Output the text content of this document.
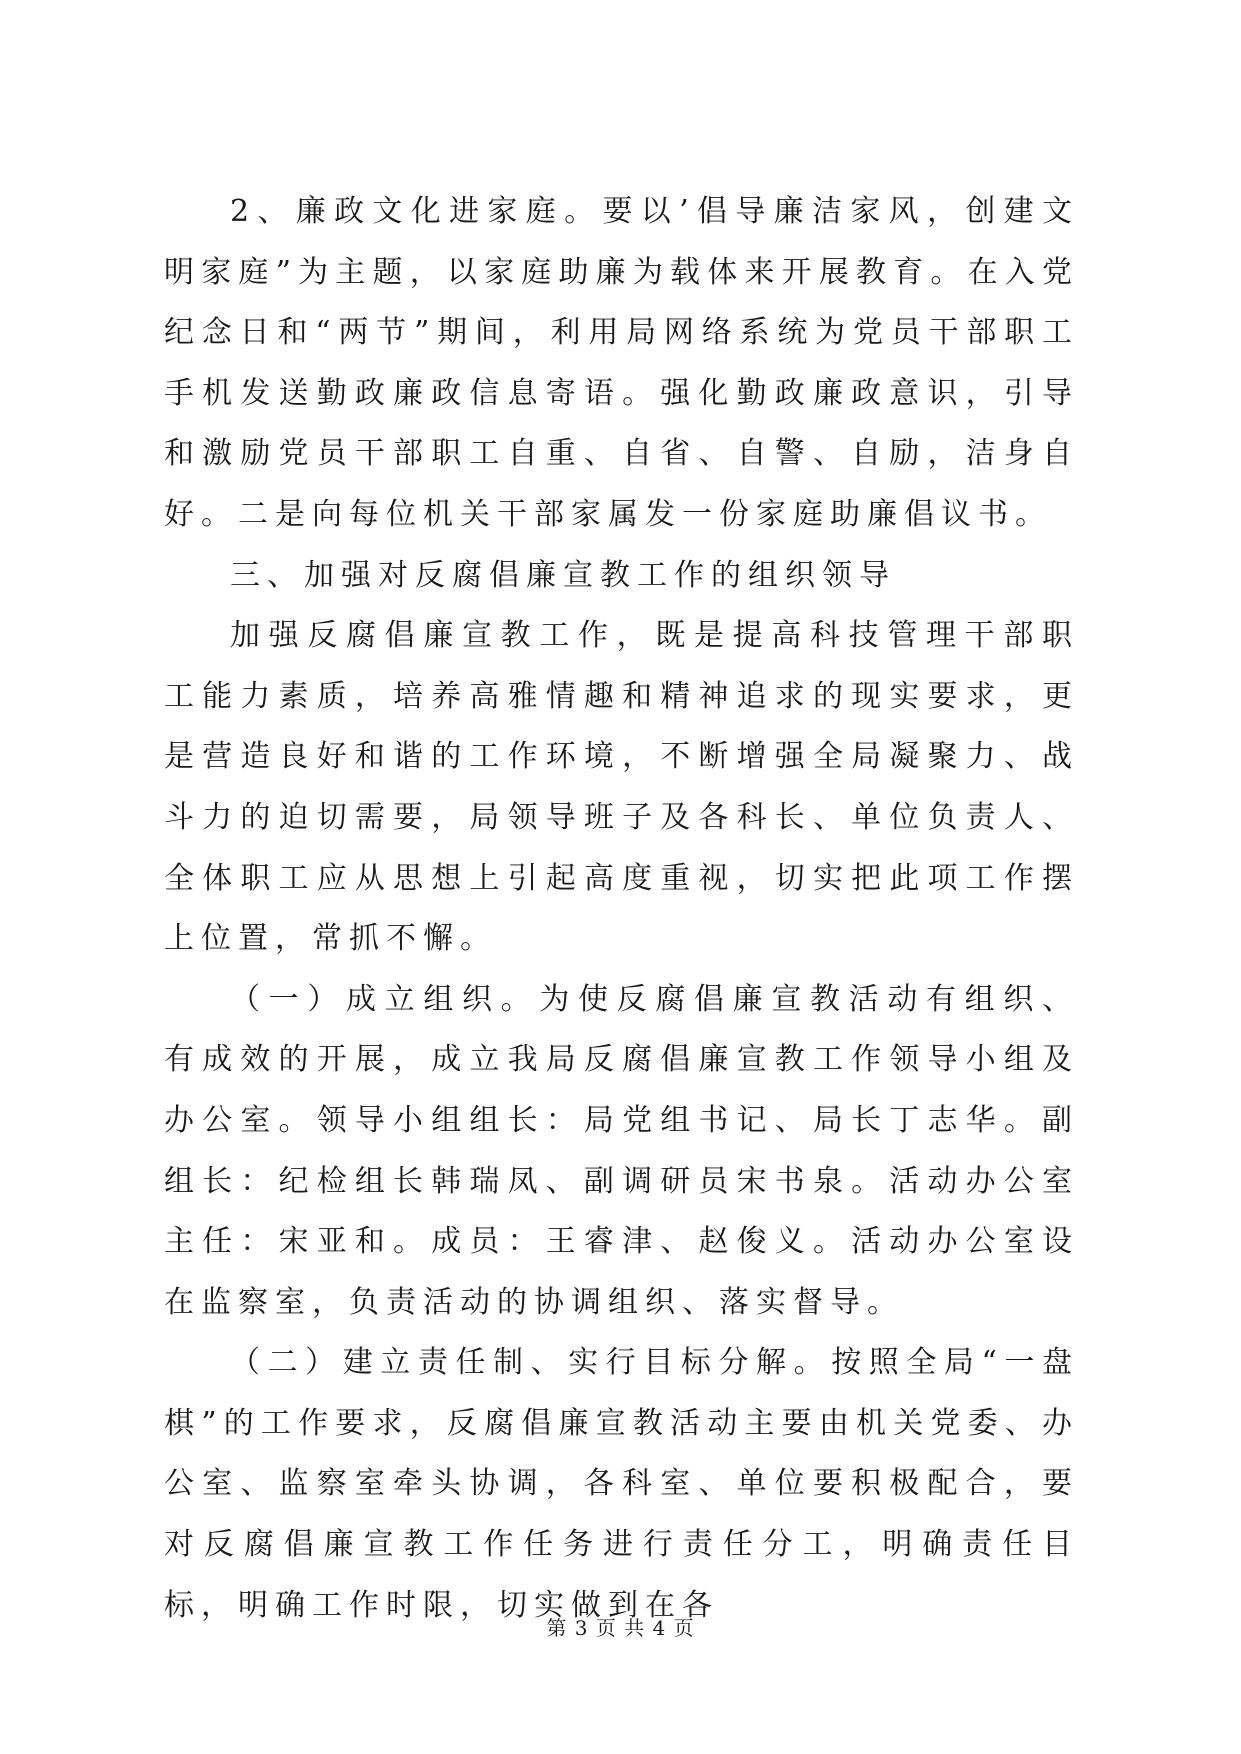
2、廉政文化进家庭。要以’倡导廉洁家风，创建文明家庭”为主题，以家庭助廉为载体来开展教育。在入党纪念日和“两节”期间，利用局网络系统为党员干部职工手机发送勤政廉政信息寄语。强化勤政廉政意识，引导和激励党员干部职工自重、自省、自警、自励，洁身自好。二是向每位机关干部家属发一份家庭助廉倡议书。

三、加强对反腐倡廉宣教工作的组织领导

加强反腐倡廉宣教工作，既是提高科技管理干部职工能力素质，培养高雅情趣和精神追求的现实要求，更是营造良好和谐的工作环境，不断增强全局凝聚力、战斗力的迫切需要，局领导班子及各科长、单位负责人、全体职工应从思想上引起高度重视，切实把此项工作摆上位置，常抓不懈。

（一）成立组织。为使反腐倡廉宣教活动有组织、有成效的开展，成立我局反腐倡廉宣教工作领导小组及办公室。领导小组组长：局党组书记、局长丁志华。副组长：纪检组长韩瑞凤、副调研员宋书泉。活动办公室主任：宋亚和。成员：王睿津、赵俊义。活动办公室设在监察室，负责活动的协调组织、落实督导。

（二）建立责任制、实行目标分解。按照全局“一盘棋”的工作要求，反腐倡廉宣教活动主要由机关党委、办公室、监察室牵头协调，各科室、单位要积极配合，要对反腐倡廉宣教工作任务进行责任分工，明确责任目标，明确工作时限，切实做到在各

第 3 页 共 4 页
